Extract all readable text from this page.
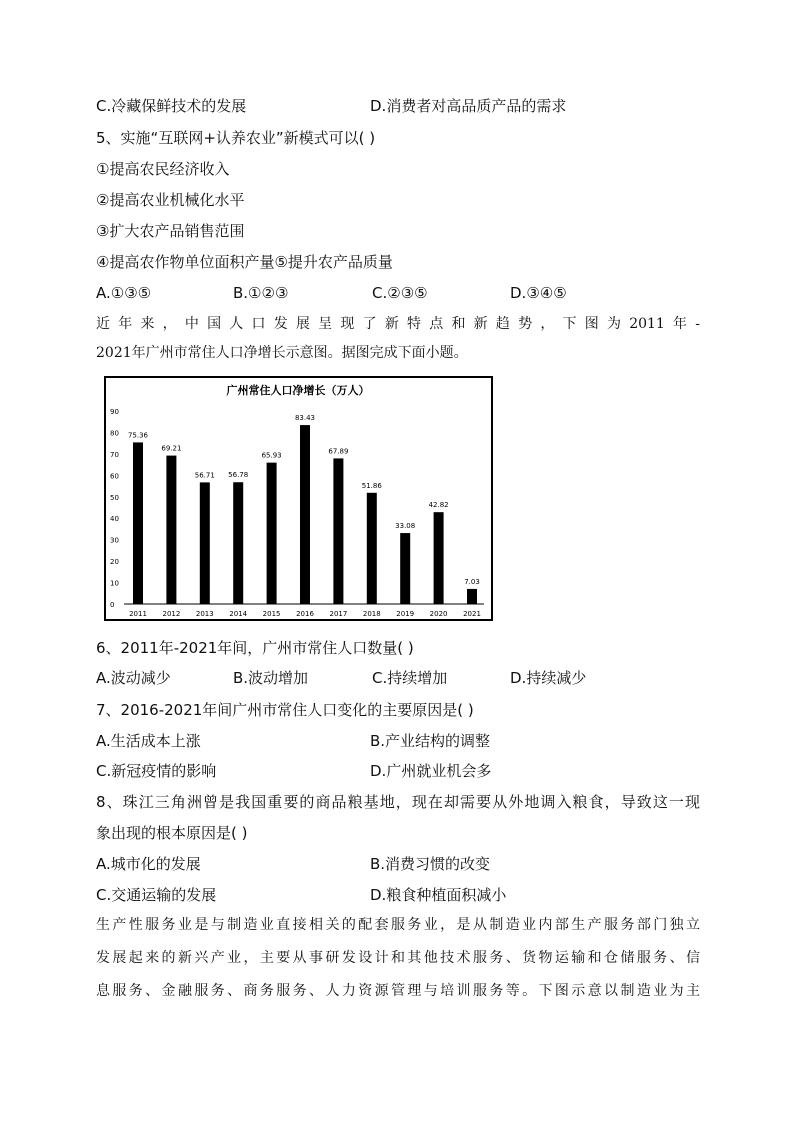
C.冷藏保鲜技术的发展	D.消费者对高品质产品的需求
5、实施“互联网+认养农业”新模式可以( )
①提高农民经济收入
②提高农业机械化水平
③扩大农产品销售范围
④提高农作物单位面积产量⑤提升农产品质量
A.①③⑤	B.①②③	C.②③⑤	D.③④⑤
近年来，中国人口发展呈现了新特点和新趋势，下图为2011年-
2021年广州市常住人口净增长示意图。据图完成下面小题。
广州常住人口净增长（万人）
0
10
20
30
40
50
60
70
80
90
75.36
69.21
56.71 56.78
65.93
83.43
67.89
51.86
33.08
42.82
7.03
2011 2012 2013 2014 2015 2016 2017 2018 2019 2020 2021
6、2011年-2021年间，广州市常住人口数量( )
A.波动减少	B.波动增加	C.持续增加	D.持续减少
7、2016-2021年间广州市常住人口变化的主要原因是( )
A.生活成本上涨	B.产业结构的调整
C.新冠疫情的影响	D.广州就业机会多
8、珠江三角洲曾是我国重要的商品粮基地，现在却需要从外地调入粮食，导致这一现
象出现的根本原因是( )
A.城市化的发展	B.消费习惯的改变
C.交通运输的发展	D.粮食种植面积减小
生产性服务业是与制造业直接相关的配套服务业，是从制造业内部生产服务部门独立
发展起来的新兴产业，主要从事研发设计和其他技术服务、货物运输和仓储服务、信
息服务、金融服务、商务服务、人力资源管理与培训服务等。下图示意以制造业为主
